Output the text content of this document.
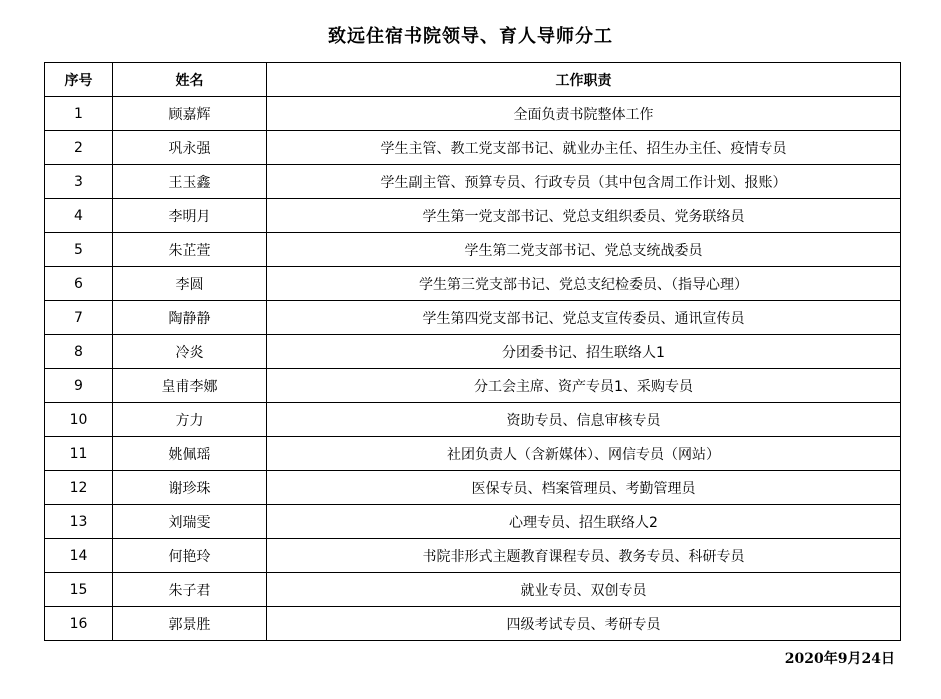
致远住宿书院领导、育人导师分工
序号	姓名	工作职责
1	顾嘉辉	全面负责书院整体工作
2	巩永强	学生主管、教工党支部书记、就业办主任、招生办主任、疫情专员
3	王玉鑫	学生副主管、预算专员、行政专员（其中包含周工作计划、报账）
4	李明月	学生第一党支部书记、党总支组织委员、党务联络员
5	朱芷萱	学生第二党支部书记、党总支统战委员
6	李圆	学生第三党支部书记、党总支纪检委员、（指导心理）
7	陶静静	学生第四党支部书记、党总支宣传委员、通讯宣传员
8	冷炎	分团委书记、招生联络人1
9	皇甫李娜	分工会主席、资产专员1、采购专员
10	方力	资助专员、信息审核专员
11	姚佩瑶	社团负责人（含新媒体）、网信专员（网站）
12	谢珍珠	医保专员、档案管理员、考勤管理员
13	刘瑞雯	心理专员、招生联络人2
14	何艳玲	书院非形式主题教育课程专员、教务专员、科研专员
15	朱子君	就业专员、双创专员
16	郭景胜	四级考试专员、考研专员
2020年9月24日
